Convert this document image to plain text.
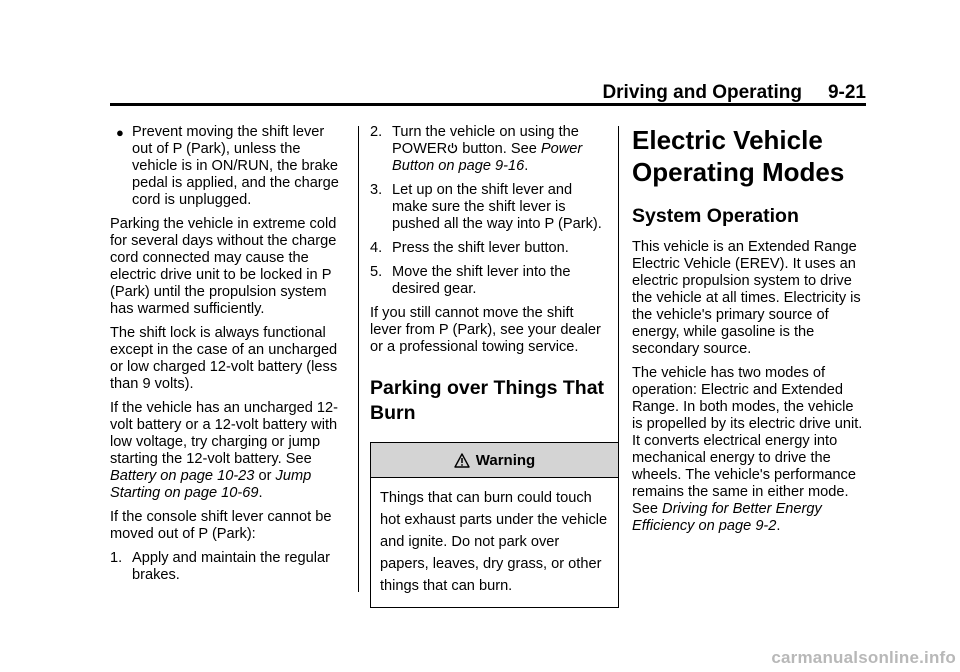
Driving and Operating 9-21
● Prevent moving the shift lever out of P (Park), unless the vehicle is in ON/RUN, the brake pedal is applied, and the charge cord is unplugged.

Parking the vehicle in extreme cold for several days without the charge cord connected may cause the electric drive unit to be locked in P (Park) until the propulsion system has warmed sufficiently.

The shift lock is always functional except in the case of an uncharged or low charged 12-volt battery (less than 9 volts).

If the vehicle has an uncharged 12-volt battery or a 12-volt battery with low voltage, try charging or jump starting the 12-volt battery. See Battery on page 10-23 or Jump Starting on page 10-69.

If the console shift lever cannot be moved out of P (Park):

1. Apply and maintain the regular brakes.
2. Turn the vehicle on using the POWER button. See Power Button on page 9-16.
3. Let up on the shift lever and make sure the shift lever is pushed all the way into P (Park).
4. Press the shift lever button.
5. Move the shift lever into the desired gear.

If you still cannot move the shift lever from P (Park), see your dealer or a professional towing service.

Parking over Things That Burn
Warning
Things that can burn could touch hot exhaust parts under the vehicle and ignite. Do not park over papers, leaves, dry grass, or other things that can burn.
Electric Vehicle Operating Modes
System Operation

This vehicle is an Extended Range Electric Vehicle (EREV). It uses an electric propulsion system to drive the vehicle at all times. Electricity is the vehicle's primary source of energy, while gasoline is the secondary source.

The vehicle has two modes of operation: Electric and Extended Range. In both modes, the vehicle is propelled by its electric drive unit. It converts electrical energy into mechanical energy to drive the wheels. The vehicle's performance remains the same in either mode. See Driving for Better Energy Efficiency on page 9-2.

carmanualsonline.info
